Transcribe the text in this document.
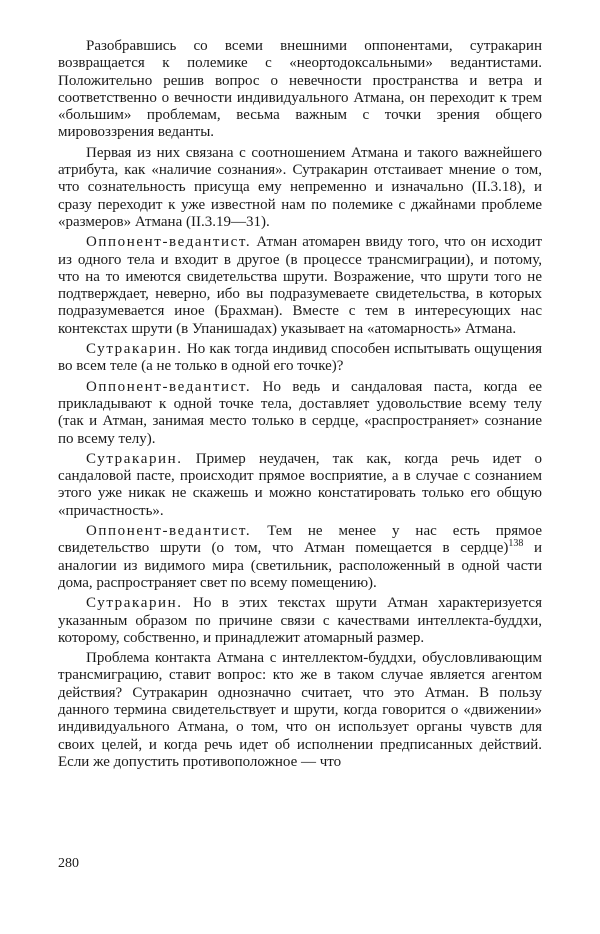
Разобравшись со всеми внешними оппонентами, сутракарин возвращается к полемике с «неортодоксальными» ведантистами. Положительно решив вопрос о невечности пространства и ветра и соответственно о вечности индивидуального Атмана, он переходит к трем «большим» проблемам, весьма важным с точки зрения общего мировоззрения веданты.

Первая из них связана с соотношением Атмана и такого важнейшего атрибута, как «наличие сознания». Сутракарин отстаивает мнение о том, что сознательность присуща ему непременно и изначально (II.3.18), и сразу переходит к уже известной нам по полемике с джайнами проблеме «размеров» Атмана (II.3.19—31).

Оппонент-ведантист. Атман атомарен ввиду того, что он исходит из одного тела и входит в другое (в процессе трансмиграции), и потому, что на то имеются свидетельства шрути. Возражение, что шрути того не подтверждает, неверно, ибо вы подразумеваете свидетельства, в которых подразумевается иное (Брахман). Вместе с тем в интересующих нас контекстах шрути (в Упанишадах) указывает на «атомарность» Атмана.

Сутракарин. Но как тогда индивид способен испытывать ощущения во всем теле (а не только в одной его точке)?

Оппонент-ведантист. Но ведь и сандаловая паста, когда ее прикладывают к одной точке тела, доставляет удовольствие всему телу (так и Атман, занимая место только в сердце, «распространяет» сознание по всему телу).

Сутракарин. Пример неудачен, так как, когда речь идет о сандаловой пасте, происходит прямое восприятие, а в случае с сознанием этого уже никак не скажешь и можно констатировать только его общую «причастность».

Оппонент-ведантист. Тем не менее у нас есть прямое свидетельство шрути (о том, что Атман помещается в сердце)$^{138}$ и аналогии из видимого мира (светильник, расположенный в одной части дома, распространяет свет по всему помещению).

Сутракарин. Но в этих текстах шрути Атман характеризуется указанным образом по причине связи с качествами интеллекта-буддхи, которому, собственно, и принадлежит атомарный размер.

Проблема контакта Атмана с интеллектом-буддхи, обусловливающим трансмиграцию, ставит вопрос: кто же в таком случае является агентом действия? Сутракарин однозначно считает, что это Атман. В пользу данного термина свидетельствует и шрути, когда говорится о «движении» индивидуального Атмана, о том, что он использует органы чувств для своих целей, и когда речь идет об исполнении предписанных действий. Если же допустить противоположное — что

280
